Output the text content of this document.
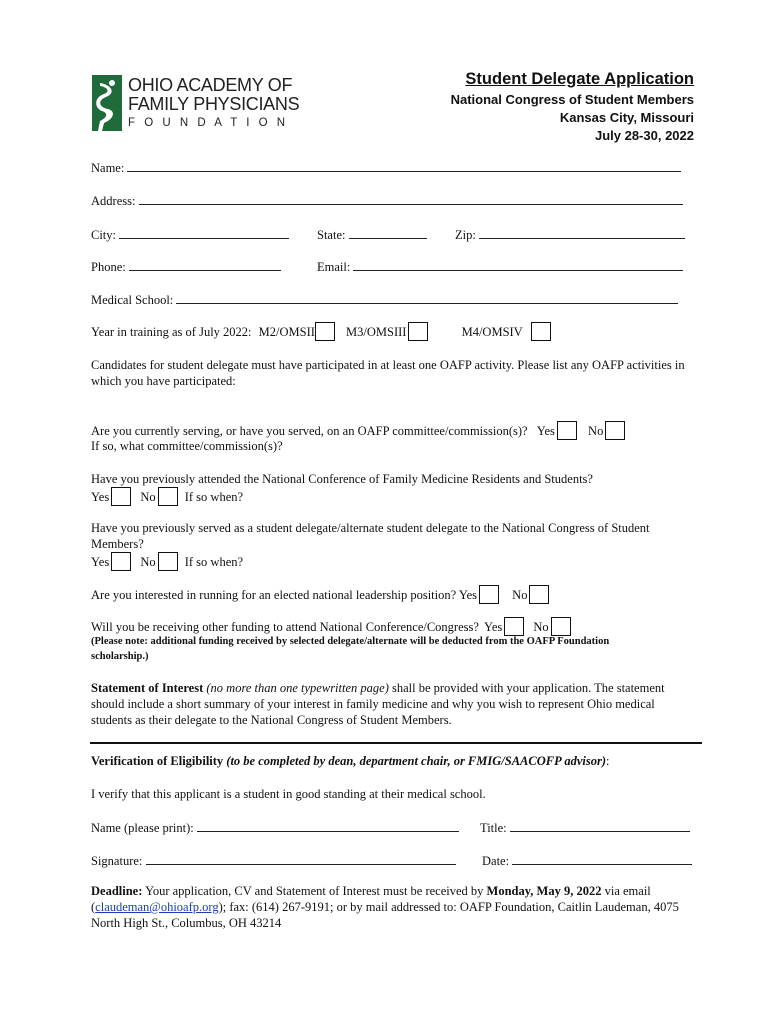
OHIO ACADEMY OF
FAMILY PHYSICIANS
F O U N D A T I O N
Student Delegate Application
National Congress of Student Members
Kansas City, Missouri
July 28-30, 2022
Name:
Address:
City:	State:	Zip:
Phone:	Email:
Medical School:
Year in training as of July 2022: M2/OMSII M3/OMSIII	M4/OMSIV
Candidates for student delegate must have participated in at least one OAFP activity. Please list any OAFP activities in which you have participated:
Are you currently serving, or have you served, on an OAFP committee/commission(s)? Yes	No
If so, what committee/commission(s)?
Have you previously attended the National Conference of Family Medicine Residents and Students?
Yes No If so when?
Have you previously served as a student delegate/alternate student delegate to the National Congress of Student Members?
Yes No If so when?
Are you interested in running for an elected national leadership position? Yes	No
Will you be receiving other funding to attend National Conference/Congress? Yes No
(Please note: additional funding received by selected delegate/alternate will be deducted from the OAFP Foundation scholarship.)
Statement of Interest (no more than one typewritten page) shall be provided with your application. The statement should include a short summary of your interest in family medicine and why you wish to represent Ohio medical students as their delegate to the National Congress of Student Members.
Verification of Eligibility (to be completed by dean, department chair, or FMIG/SAACOFP advisor):
I verify that this applicant is a student in good standing at their medical school.
Name (please print):	Title:
Signature:	Date:
Deadline: Your application, CV and Statement of Interest must be received by Monday, May 9, 2022 via email (claudeman@ohioafp.org); fax: (614) 267-9191; or by mail addressed to: OAFP Foundation, Caitlin Laudeman, 4075 North High St., Columbus, OH 43214
